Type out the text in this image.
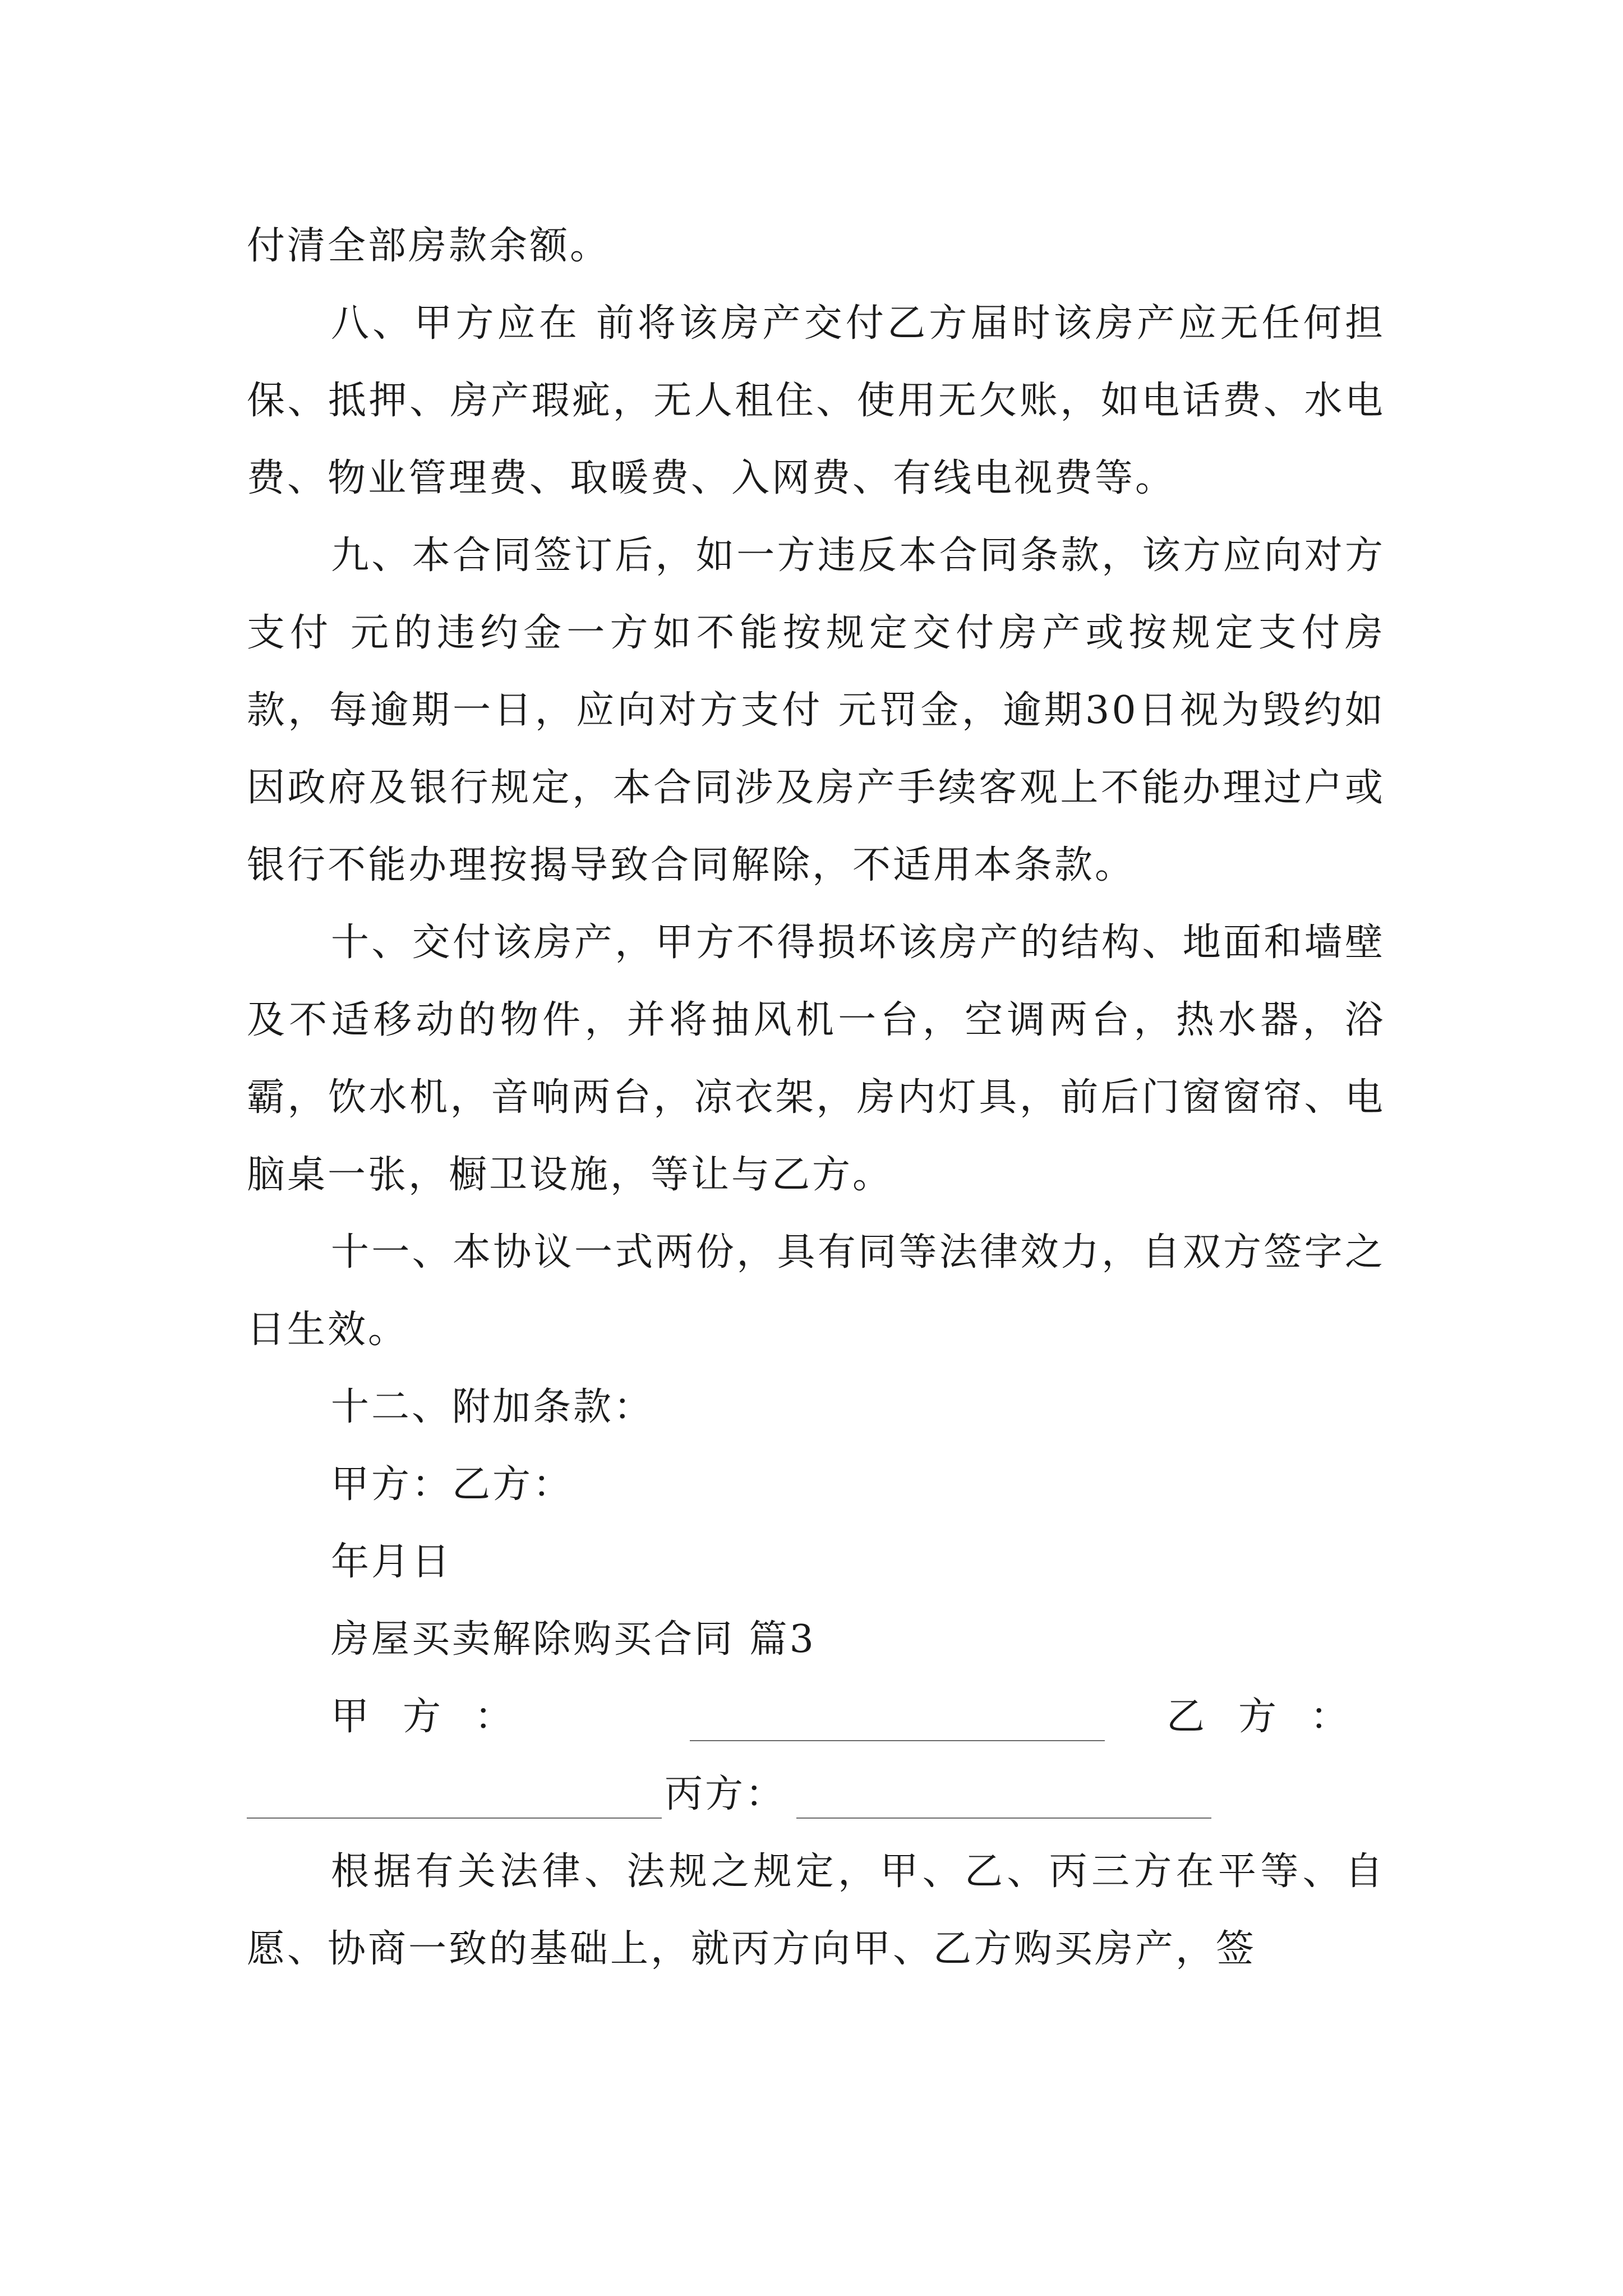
付清全部房款余额。

八、甲方应在 前将该房产交付乙方届时该房产应无任何担保、抵押、房产瑕疵，无人租住、使用无欠账，如电话费、水电费、物业管理费、取暖费、入网费、有线电视费等。

九、本合同签订后，如一方违反本合同条款，该方应向对方支付 元的违约金一方如不能按规定交付房产或按规定支付房款，每逾期一日，应向对方支付 元罚金，逾期30日视为毁约如因政府及银行规定，本合同涉及房产手续客观上不能办理过户或银行不能办理按揭导致合同解除，不适用本条款。

十、交付该房产，甲方不得损坏该房产的结构、地面和墙壁及不适移动的物件，并将抽风机一台，空调两台，热水器，浴霸，饮水机，音响两台，凉衣架，房内灯具，前后门窗窗帘、电脑桌一张，橱卫设施，等让与乙方。

十一、本协议一式两份，具有同等法律效力，自双方签字之日生效。

十二、附加条款：

甲方：乙方：

年月日

房屋买卖解除购买合同 篇3

甲方：	乙方：
丙方：

根据有关法律、法规之规定，甲、乙、丙三方在平等、自愿、协商一致的基础上，就丙方向甲、乙方购买房产，签
